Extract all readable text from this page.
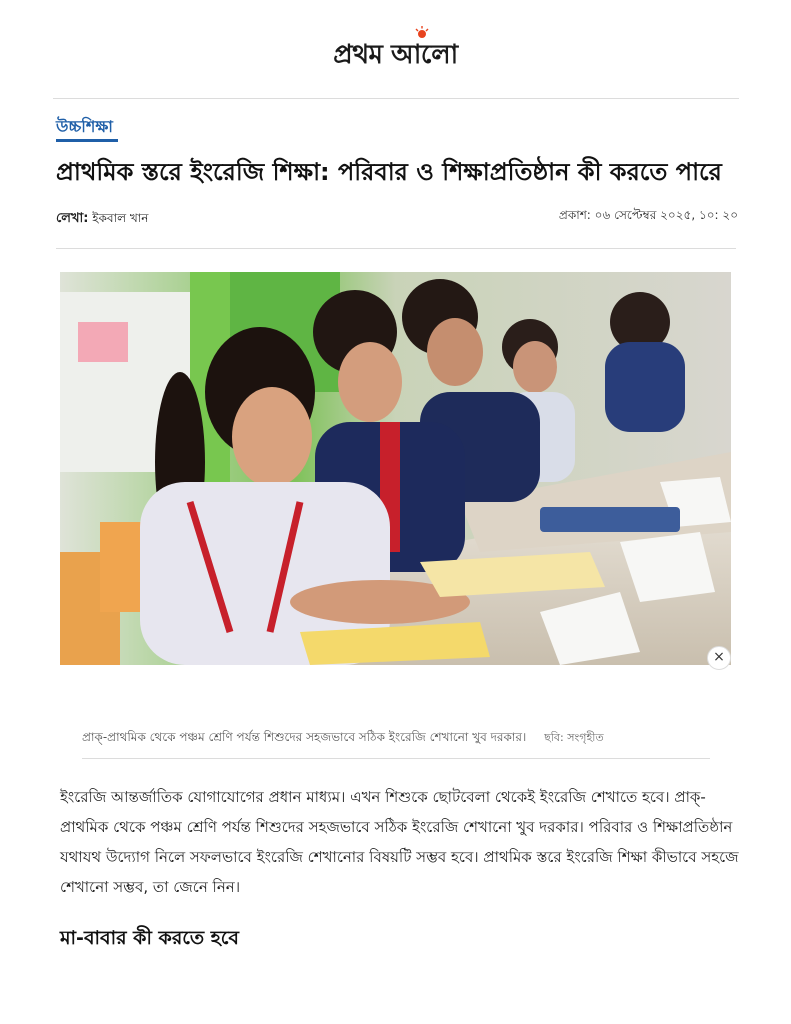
প্রথম আলো
উচ্চশিক্ষা
প্রাথমিক স্তরে ইংরেজি শিক্ষা: পরিবার ও শিক্ষাপ্রতিষ্ঠান কী করতে পারে
লেখা: ইকবাল খান	প্রকাশ: ০৬ সেপ্টেম্বর ২০২৫, ১০: ২০
×
প্রাক্-প্রাথমিক থেকে পঞ্চম শ্রেণি পর্যন্ত শিশুদের সহজভাবে সঠিক ইংরেজি শেখানো খুব দরকার। ছবি: সংগৃহীত

ইংরেজি আন্তর্জাতিক যোগাযোগের প্রধান মাধ্যম। এখন শিশুকে ছোটবেলা থেকেই ইংরেজি শেখাতে হবে। প্রাক্-প্রাথমিক থেকে পঞ্চম শ্রেণি পর্যন্ত শিশুদের সহজভাবে সঠিক ইংরেজি শেখানো খুব দরকার। পরিবার ও শিক্ষাপ্রতিষ্ঠান যথাযথ উদ্যোগ নিলে সফলভাবে ইংরেজি শেখানোর বিষয়টি সম্ভব হবে। প্রাথমিক স্তরে ইংরেজি শিক্ষা কীভাবে সহজে শেখানো সম্ভব, তা জেনে নিন।

মা-বাবার কী করতে হবে
